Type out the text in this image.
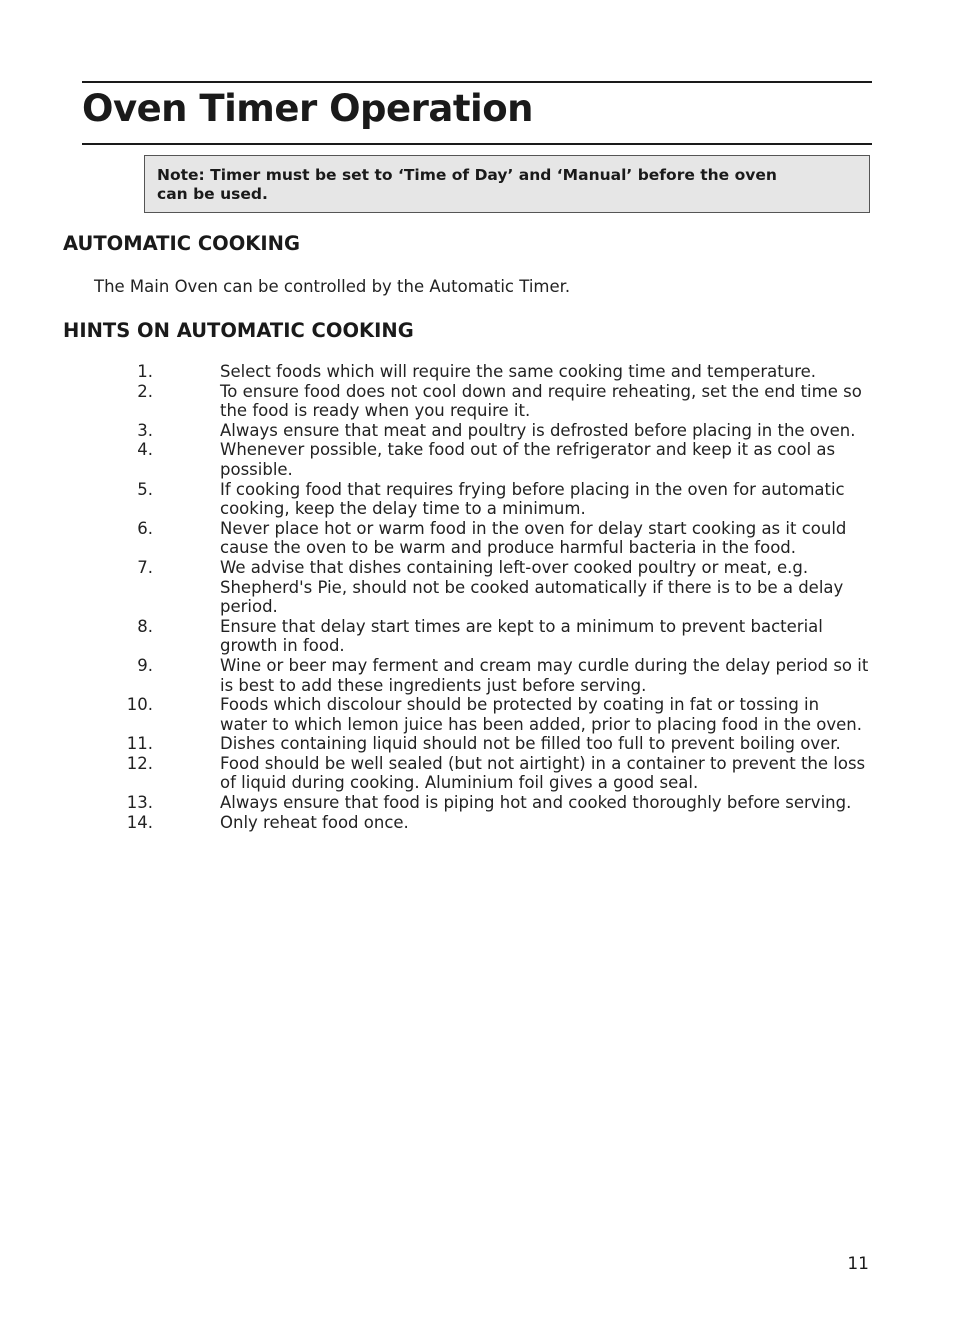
Oven Timer Operation
Note: Timer must be set to ‘Time of Day’ and ‘Manual’ before the oven
can be used.
AUTOMATIC COOKING
The Main Oven can be controlled by the Automatic Timer.
HINTS ON AUTOMATIC COOKING
1.	Select foods which will require the same cooking time and temperature.
2.	To ensure food does not cool down and require reheating, set the end time so the food is ready when you require it.
3.	Always ensure that meat and poultry is defrosted before placing in the oven.
4.	Whenever possible, take food out of the refrigerator and keep it as cool as possible.
5.	If cooking food that requires frying before placing in the oven for automatic cooking, keep the delay time to a minimum.
6.	Never place hot or warm food in the oven for delay start cooking as it could cause the oven to be warm and produce harmful bacteria in the food.
7.	We advise that dishes containing left-over cooked poultry or meat, e.g. Shepherd's Pie, should not be cooked automatically if there is to be a delay period.
8.	Ensure that delay start times are kept to a minimum to prevent bacterial growth in food.
9.	Wine or beer may ferment and cream may curdle during the delay period so it is best to add these ingredients just before serving.
10.	Foods which discolour should be protected by coating in fat or tossing in water to which lemon juice has been added, prior to placing food in the oven.
11.	Dishes containing liquid should not be filled too full to prevent boiling over.
12.	Food should be well sealed (but not airtight) in a container to prevent the loss of liquid during cooking. Aluminium foil gives a good seal.
13.	Always ensure that food is piping hot and cooked thoroughly before serving.
14.	Only reheat food once.
11
